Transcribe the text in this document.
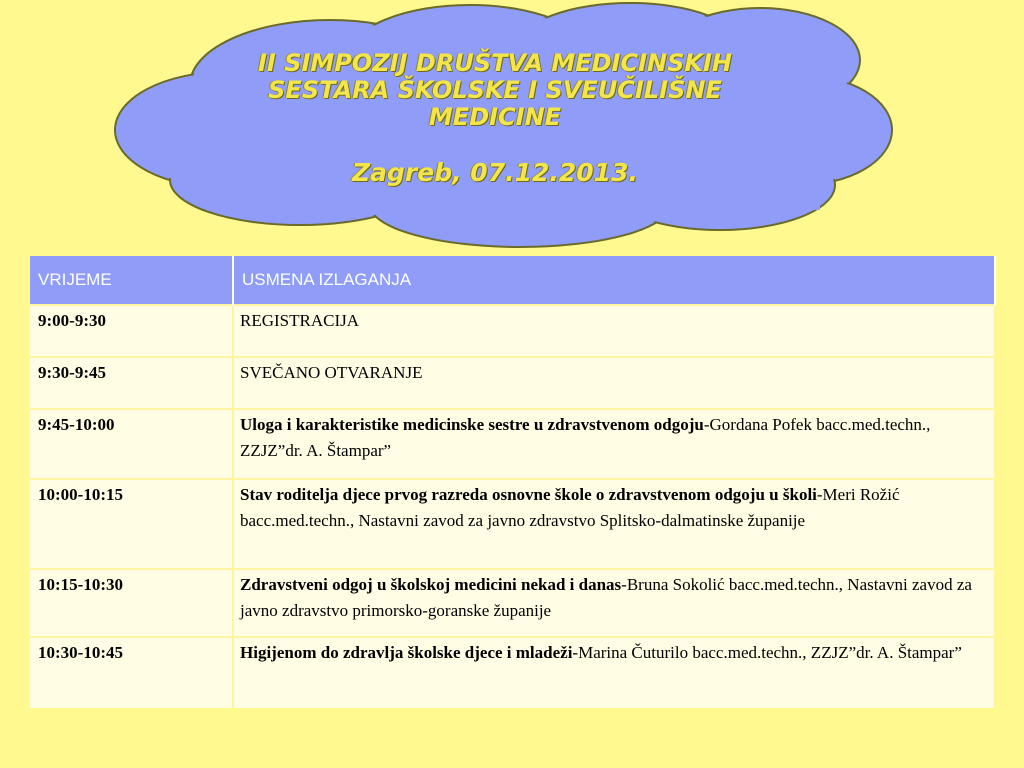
II SIMPOZIJ DRUŠTVA MEDICINSKIH SESTARA ŠKOLSKE I SVEUČILIŠNE MEDICINE
Zagreb, 07.12.2013.
VRIJEME	USMENA IZLAGANJA
9:00-9:30	REGISTRACIJA
9:30-9:45	SVEČANO OTVARANJE
9:45-10:00	Uloga i karakteristike medicinske sestre u zdravstvenom odgoju-Gordana Pofek bacc.med.techn., ZZJZ”dr. A. Štampar”
10:00-10:15	Stav roditelja djece prvog razreda osnovne škole o zdravstvenom odgoju u školi-Meri Rožić bacc.med.techn., Nastavni zavod za javno zdravstvo Splitsko-dalmatinske županije
10:15-10:30	Zdravstveni odgoj u školskoj medicini nekad i danas-Bruna Sokolić bacc.med.techn., Nastavni zavod za javno zdravstvo primorsko-goranske županije
10:30-10:45	Higijenom do zdravlja školske djece i mladeži-Marina Čuturilo bacc.med.techn., ZZJZ”dr. A. Štampar”
